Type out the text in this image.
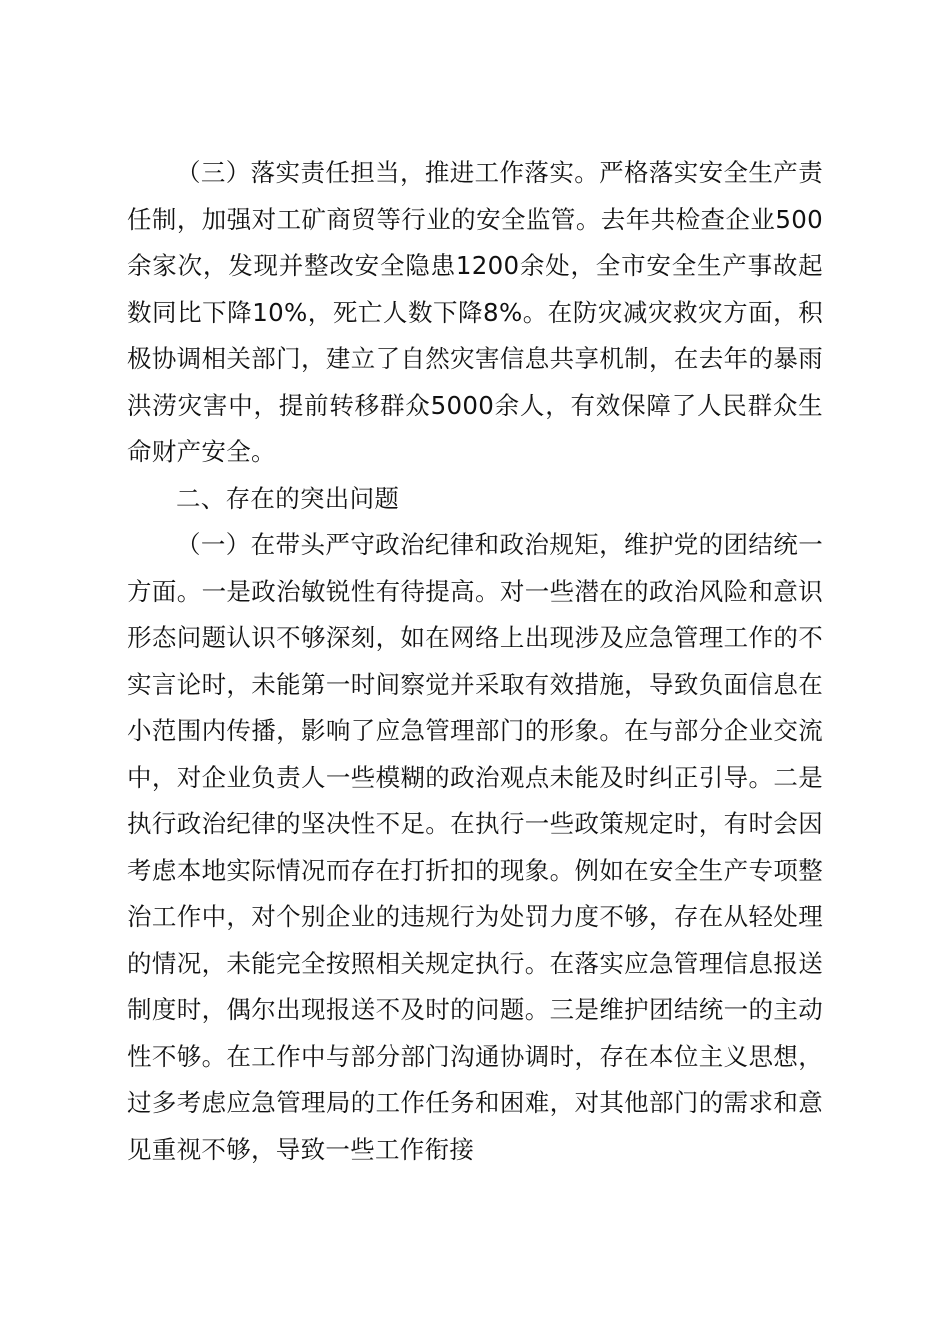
（三）落实责任担当，推进工作落实。严格落实安全生产责任制，加强对工矿商贸等行业的安全监管。去年共检查企业500余家次，发现并整改安全隐患1200余处，全市安全生产事故起数同比下降10%，死亡人数下降8%。在防灾减灾救灾方面，积极协调相关部门，建立了自然灾害信息共享机制，在去年的暴雨洪涝灾害中，提前转移群众5000余人，有效保障了人民群众生命财产安全。

二、存在的突出问题

（一）在带头严守政治纪律和政治规矩，维护党的团结统一方面。一是政治敏锐性有待提高。对一些潜在的政治风险和意识形态问题认识不够深刻，如在网络上出现涉及应急管理工作的不实言论时，未能第一时间察觉并采取有效措施，导致负面信息在小范围内传播，影响了应急管理部门的形象。在与部分企业交流中，对企业负责人一些模糊的政治观点未能及时纠正引导。二是执行政治纪律的坚决性不足。在执行一些政策规定时，有时会因考虑本地实际情况而存在打折扣的现象。例如在安全生产专项整治工作中，对个别企业的违规行为处罚力度不够，存在从轻处理的情况，未能完全按照相关规定执行。在落实应急管理信息报送制度时，偶尔出现报送不及时的问题。三是维护团结统一的主动性不够。在工作中与部分部门沟通协调时，存在本位主义思想，过多考虑应急管理局的工作任务和困难，对其他部门的需求和意见重视不够，导致一些工作衔接
